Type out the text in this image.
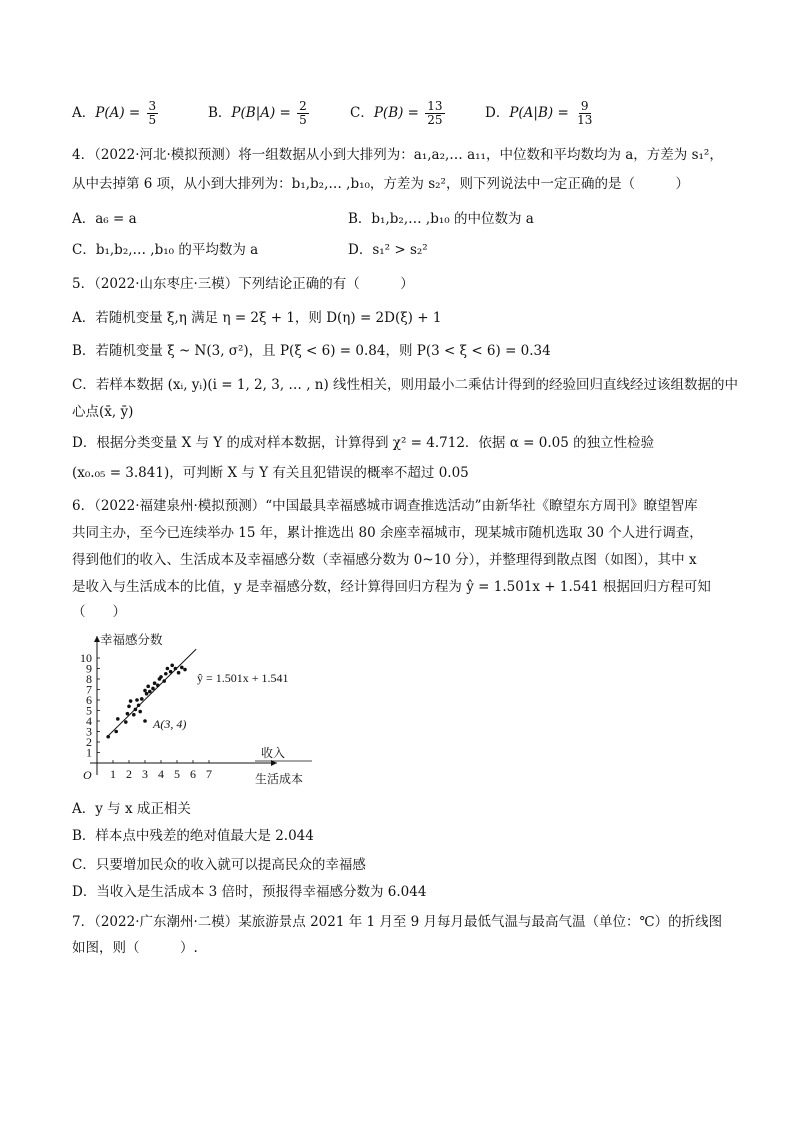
A．$P(A) = \frac{3}{5}$	B．$P(B|A) = \frac{2}{5}$	C．$P(B) = \frac{13}{25}$	D．$P(A|B) = \frac{9}{13}$
4．（2022·河北·模拟预测）将一组数据从小到大排列为：a₁,a₂,… a₁₁，中位数和平均数均为 a，方差为 s₁²，
从中去掉第 6 项，从小到大排列为：b₁,b₂,… ,b₁₀，方差为 s₂²，则下列说法中一定正确的是（　　　）
A．a₆ = a	B．b₁,b₂,… ,b₁₀ 的中位数为 a
C．b₁,b₂,… ,b₁₀ 的平均数为 a	D．s₁² > s₂²
5．（2022·山东枣庄·三模）下列结论正确的有（　　　）
A．若随机变量 ξ,η 满足 η = 2ξ + 1，则 D(η) = 2D(ξ) + 1
B．若随机变量 ξ ~ N(3, σ²)，且 P(ξ < 6) = 0.84，则 P(3 < ξ < 6) = 0.34
C．若样本数据 (xᵢ, yᵢ)(i = 1, 2, 3, … , n) 线性相关，则用最小二乘估计得到的经验回归直线经过该组数据的中
心点(x̄, ȳ)
D．根据分类变量 X 与 Y 的成对样本数据，计算得到 χ² = 4.712．依据 α = 0.05 的独立性检验
(x₀.₀₅ = 3.841)，可判断 X 与 Y 有关且犯错误的概率不超过 0.05
6．（2022·福建泉州·模拟预测）“中国最具幸福感城市调查推选活动”由新华社《瞭望东方周刊》瞭望智库
共同主办，至今已连续举办 15 年，累计推选出 80 余座幸福城市，现某城市随机选取 30 个人进行调查，
得到他们的收入、生活成本及幸福感分数（幸福感分数为 0~10 分），并整理得到散点图（如图），其中 x
是收入与生活成本的比值，y 是幸福感分数，经计算得回归方程为 ŷ = 1.501x + 1.541 根据回归方程可知
（　　）
1 2 3 4 5 6 7
1
2
3
4
5
6
7
8
9
10
幸福感分数
收入
生活成本
O
ŷ = 1.501x + 1.541
A(3, 4)
A．y 与 x 成正相关
B．样本点中残差的绝对值最大是 2.044
C．只要增加民众的收入就可以提高民众的幸福感
D．当收入是生活成本 3 倍时，预报得幸福感分数为 6.044
7．（2022·广东潮州·二模）某旅游景点 2021 年 1 月至 9 月每月最低气温与最高气温（单位：℃）的折线图
如图，则（　　　）.
